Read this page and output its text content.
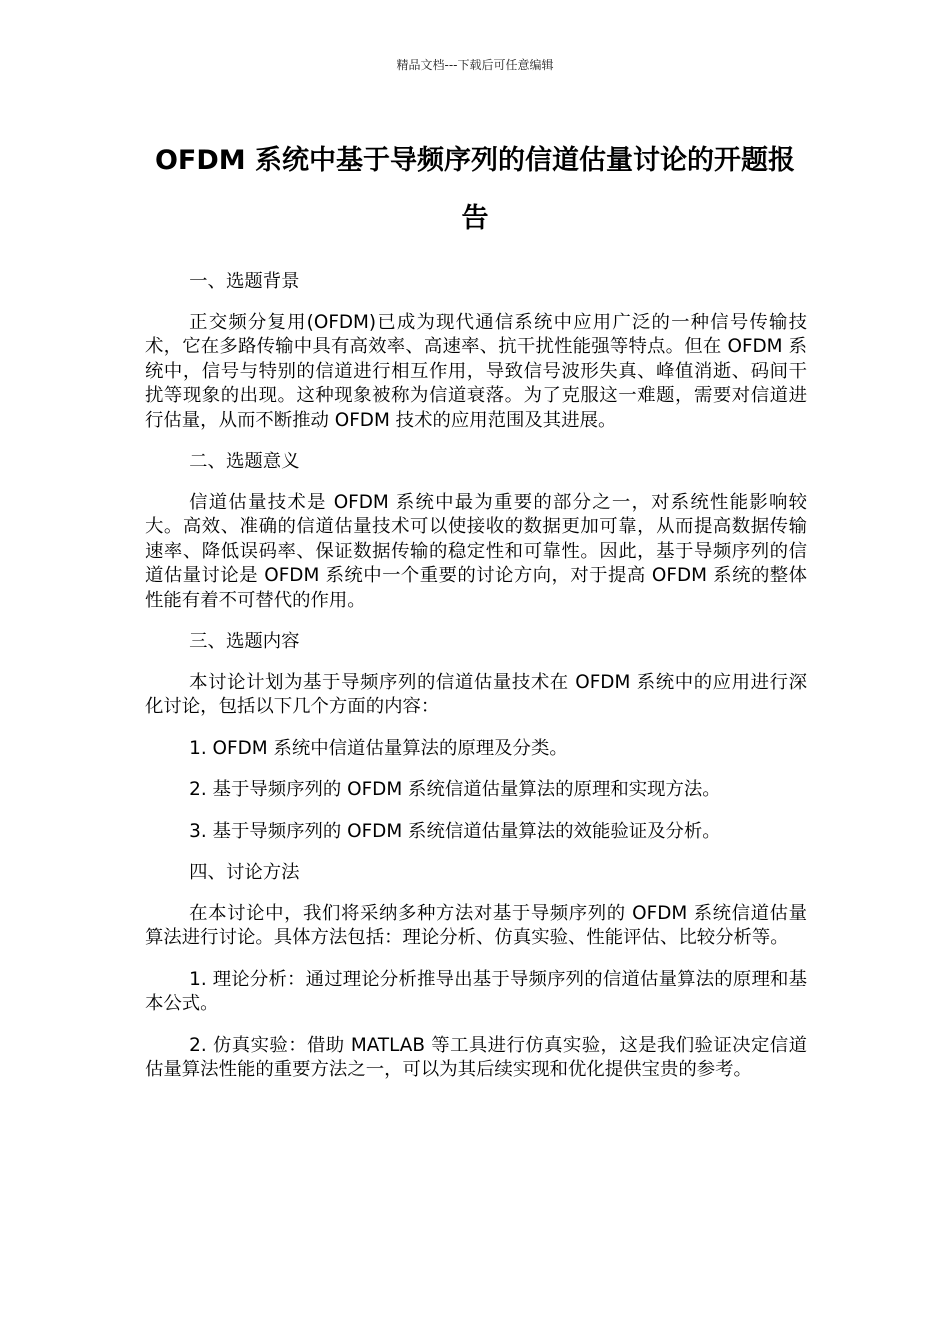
精品文档---下载后可任意编辑
OFDM 系统中基于导频序列的信道估量讨论的开题报告

一、选题背景

正交频分复用(OFDM)已成为现代通信系统中应用广泛的一种信号传输技术，它在多路传输中具有高效率、高速率、抗干扰性能强等特点。但在 OFDM 系统中，信号与特别的信道进行相互作用，导致信号波形失真、峰值消逝、码间干扰等现象的出现。这种现象被称为信道衰落。为了克服这一难题，需要对信道进行估量，从而不断推动 OFDM 技术的应用范围及其进展。

二、选题意义

信道估量技术是 OFDM 系统中最为重要的部分之一，对系统性能影响较大。高效、准确的信道估量技术可以使接收的数据更加可靠，从而提高数据传输速率、降低误码率、保证数据传输的稳定性和可靠性。因此，基于导频序列的信道估量讨论是 OFDM 系统中一个重要的讨论方向，对于提高 OFDM 系统的整体性能有着不可替代的作用。

三、选题内容

本讨论计划为基于导频序列的信道估量技术在 OFDM 系统中的应用进行深化讨论，包括以下几个方面的内容：

1. OFDM 系统中信道估量算法的原理及分类。

2. 基于导频序列的 OFDM 系统信道估量算法的原理和实现方法。

3. 基于导频序列的 OFDM 系统信道估量算法的效能验证及分析。

四、讨论方法

在本讨论中，我们将采纳多种方法对基于导频序列的 OFDM 系统信道估量算法进行讨论。具体方法包括：理论分析、仿真实验、性能评估、比较分析等。

1. 理论分析：通过理论分析推导出基于导频序列的信道估量算法的原理和基本公式。

2. 仿真实验：借助 MATLAB 等工具进行仿真实验，这是我们验证决定信道估量算法性能的重要方法之一，可以为其后续实现和优化提供宝贵的参考。
